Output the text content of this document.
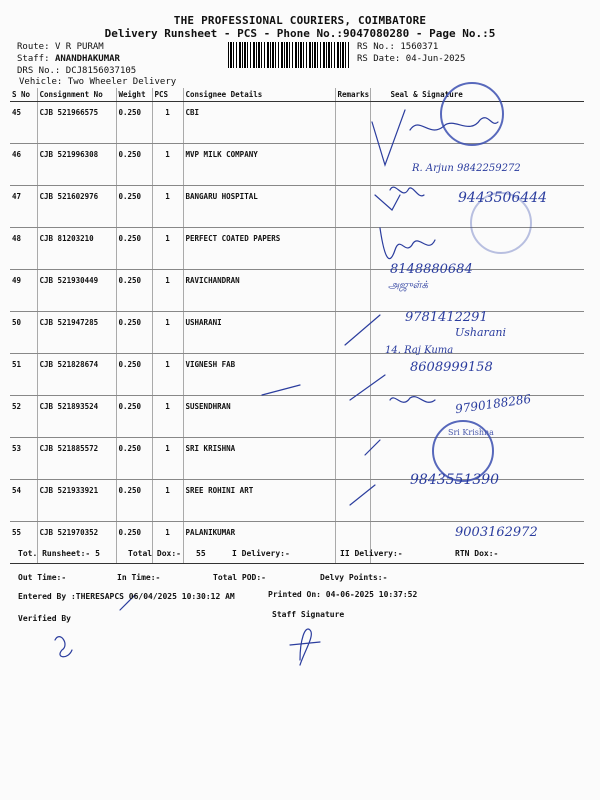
THE PROFESSIONAL COURIERS, COIMBATORE
Delivery Runsheet - PCS - Phone No.:9047080280 - Page No.:5
Route: V R PURAM
Staff: ANANDHAKUMAR
DRS No.: DCJ8156037105
Vehicle: Two Wheeler Delivery
RS No.: 1560371
RS Date: 04-Jun-2025
S No	Consignment No	Weight	PCS	Consignee Details	Remarks	Seal & Signature
45	CJB 521966575	0.250	1	CBI		
46	CJB 521996308	0.250	1	MVP MILK COMPANY		
47	CJB 521602976	0.250	1	BANGARU HOSPITAL		
48	CJB 81203210	0.250	1	PERFECT COATED PAPERS		
49	CJB 521930449	0.250	1	RAVICHANDRAN		
50	CJB 521947285	0.250	1	USHARANI		
51	CJB 521828674	0.250	1	VIGNESH FAB		
52	CJB 521893524	0.250	1	SUSENDHRAN		
53	CJB 521885572	0.250	1	SRI KRISHNA		
54	CJB 521933921	0.250	1	SREE ROHINI ART		
55	CJB 521970352	0.250	1	PALANIKUMAR		
Sri Krishna
R. Arjun 9842259272
9443506444
8148880684
அஜுள்க்
9781412291
Usharani
14. Raj Kuma
8608999158
9790188286
9843551390
9003162972
Tot. Runsheet:- 5	Total Dox:- 55	I Delivery:-	II Delivery:-	RTN Dox:-
Out Time:-	In Time:-	Total POD:-	Delvy Points:-
Entered By :THERESAPCS 06/04/2025 10:30:12 AM	Printed On: 04-06-2025 10:37:52
Verified By	Staff Signature
